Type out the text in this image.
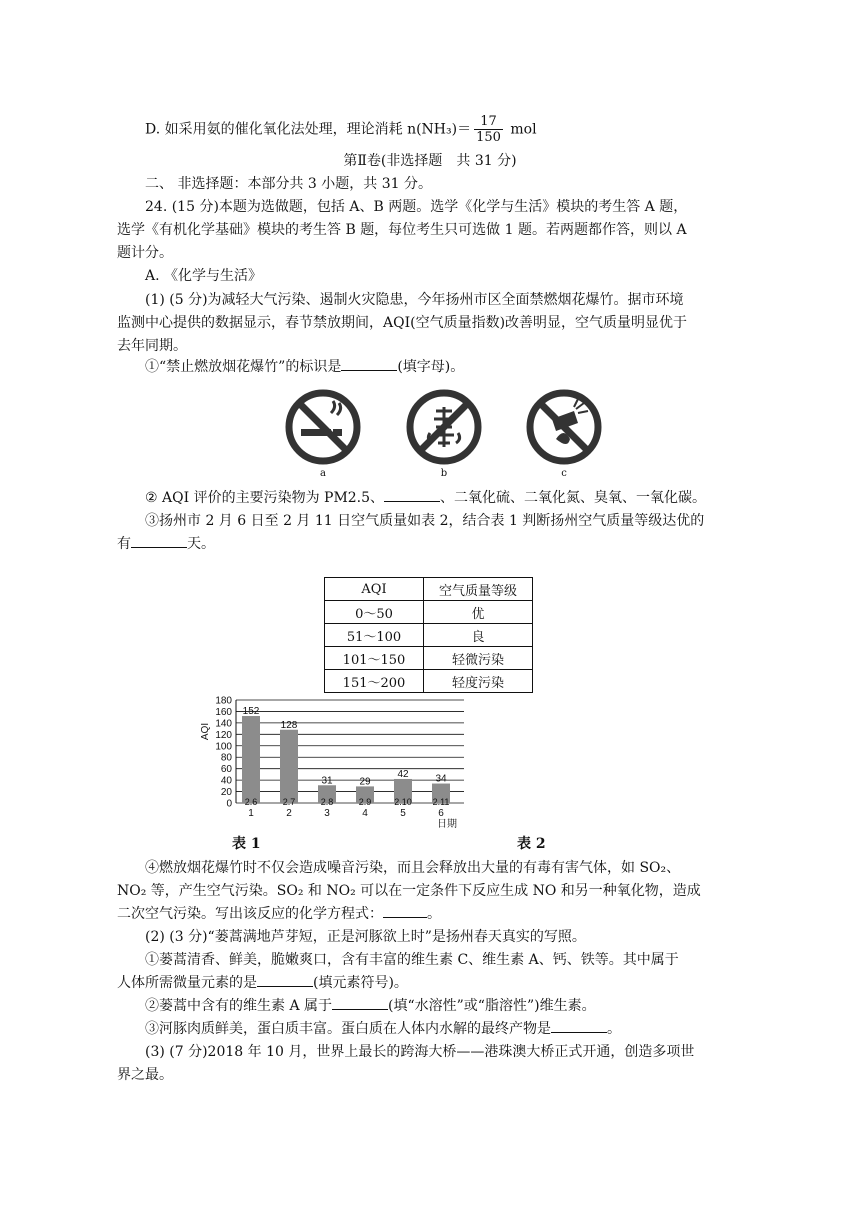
D. 如采用氨的催化氧化法处理，理论消耗 $n(NH_3)= \frac{17}{150}$ mol
第Ⅱ卷(非选择题　共 31 分)
二、 非选择题：本部分共 3 小题，共 31 分。
24. (15 分)本题为选做题，包括 A、B 两题。选学《化学与生活》模块的考生答 A 题，
选学《有机化学基础》模块的考生答 B 题，每位考生只可选做 1 题。若两题都作答，则以 A
题计分。
A. 《化学与生活》
(1) (5 分)为减轻大气污染、遏制火灾隐患，今年扬州市区全面禁燃烟花爆竹。据市环境
监测中心提供的数据显示，春节禁放期间，AQI(空气质量指数)改善明显，空气质量明显优于
去年同期。
①“禁止燃放烟花爆竹”的标识是	(填字母)。
a	b	c
② AQI 评价的主要污染物为 PM2.5、	、二氧化硫、二氧化氮、臭氧、一氧化碳。
③扬州市 2 月 6 日至 2 月 11 日空气质量如表 2，结合表 1 判断扬州空气质量等级达优的
有	天。
AQI	空气质量等级
0～50	优
51～100	良
101～150	轻微污染
151～200	轻度污染
0
20
40
60
80
100
120
140
160
180
AQI
152
2.6
1
128
2.7
2
31
2.8
3
29
2.9
4
42
2.10
5
34
2.11
6
日期
表 1	表 2
④燃放烟花爆竹时不仅会造成噪音污染，而且会释放出大量的有毒有害气体，如 SO₂、
NO₂ 等，产生空气污染。SO₂ 和 NO₂ 可以在一定条件下反应生成 NO 和另一种氧化物，造成
二次空气污染。写出该反应的化学方程式：	。
(2) (3 分)“蒌蒿满地芦芽短，正是河豚欲上时”是扬州春天真实的写照。
①蒌蒿清香、鲜美，脆嫩爽口，含有丰富的维生素 C、维生素 A、钙、铁等。其中属于
人体所需微量元素的是	(填元素符号)。
②蒌蒿中含有的维生素 A 属于	(填“水溶性”或“脂溶性”)维生素。
③河豚肉质鲜美，蛋白质丰富。蛋白质在人体内水解的最终产物是	。
(3) (7 分)2018 年 10 月，世界上最长的跨海大桥——港珠澳大桥正式开通，创造多项世
界之最。
